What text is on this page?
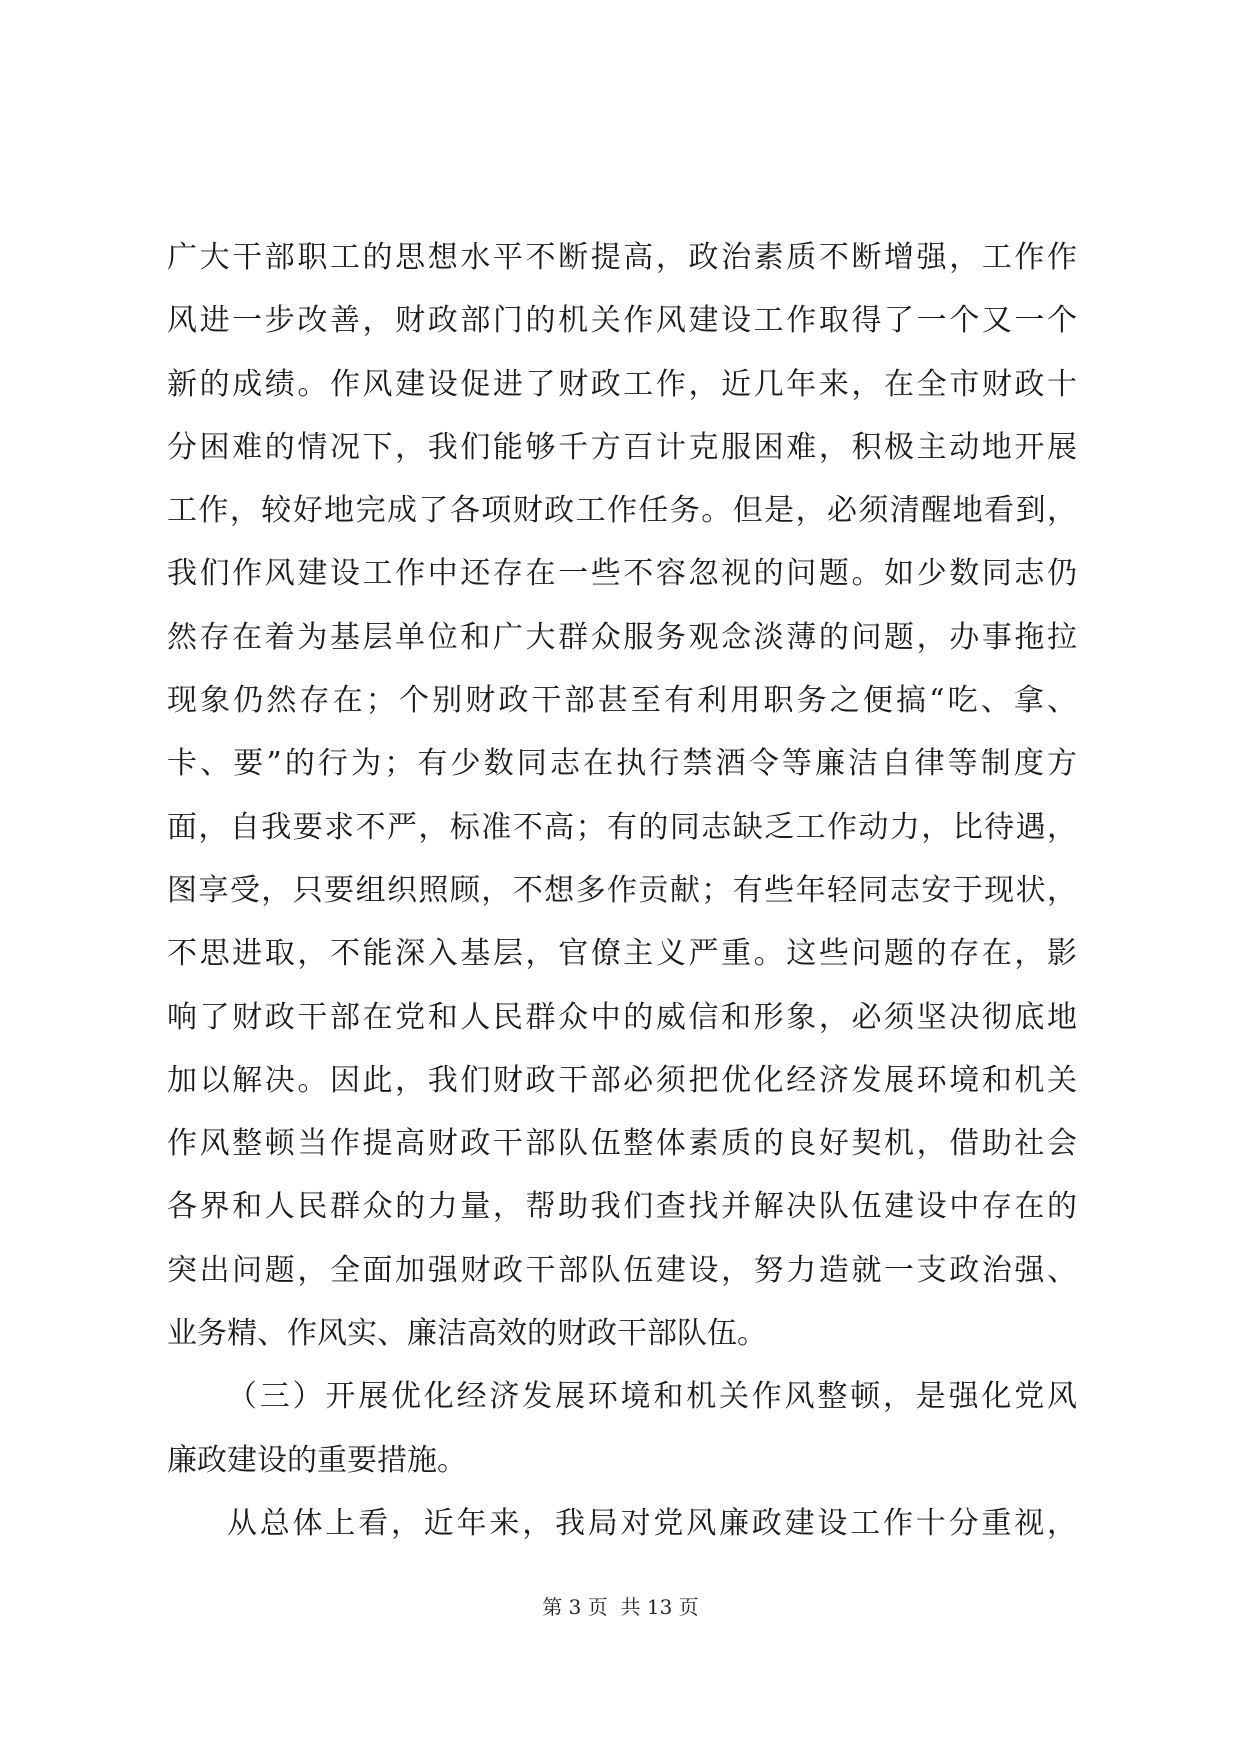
广大干部职工的思想水平不断提高，政治素质不断增强，工作作
风进一步改善，财政部门的机关作风建设工作取得了一个又一个
新的成绩。作风建设促进了财政工作，近几年来，在全市财政十
分困难的情况下，我们能够千方百计克服困难，积极主动地开展
工作，较好地完成了各项财政工作任务。但是，必须清醒地看到，
我们作风建设工作中还存在一些不容忽视的问题。如少数同志仍
然存在着为基层单位和广大群众服务观念淡薄的问题，办事拖拉
现象仍然存在；个别财政干部甚至有利用职务之便搞“吃、拿、
卡、要”的行为；有少数同志在执行禁酒令等廉洁自律等制度方
面，自我要求不严，标准不高；有的同志缺乏工作动力，比待遇，
图享受，只要组织照顾，不想多作贡献；有些年轻同志安于现状，
不思进取，不能深入基层，官僚主义严重。这些问题的存在，影
响了财政干部在党和人民群众中的威信和形象，必须坚决彻底地
加以解决。因此，我们财政干部必须把优化经济发展环境和机关
作风整顿当作提高财政干部队伍整体素质的良好契机，借助社会
各界和人民群众的力量，帮助我们查找并解决队伍建设中存在的
突出问题，全面加强财政干部队伍建设，努力造就一支政治强、
业务精、作风实、廉洁高效的财政干部队伍。
（三）开展优化经济发展环境和机关作风整顿，是强化党风
廉政建设的重要措施。
从总体上看，近年来，我局对党风廉政建设工作十分重视，
第 3 页  共 13 页
